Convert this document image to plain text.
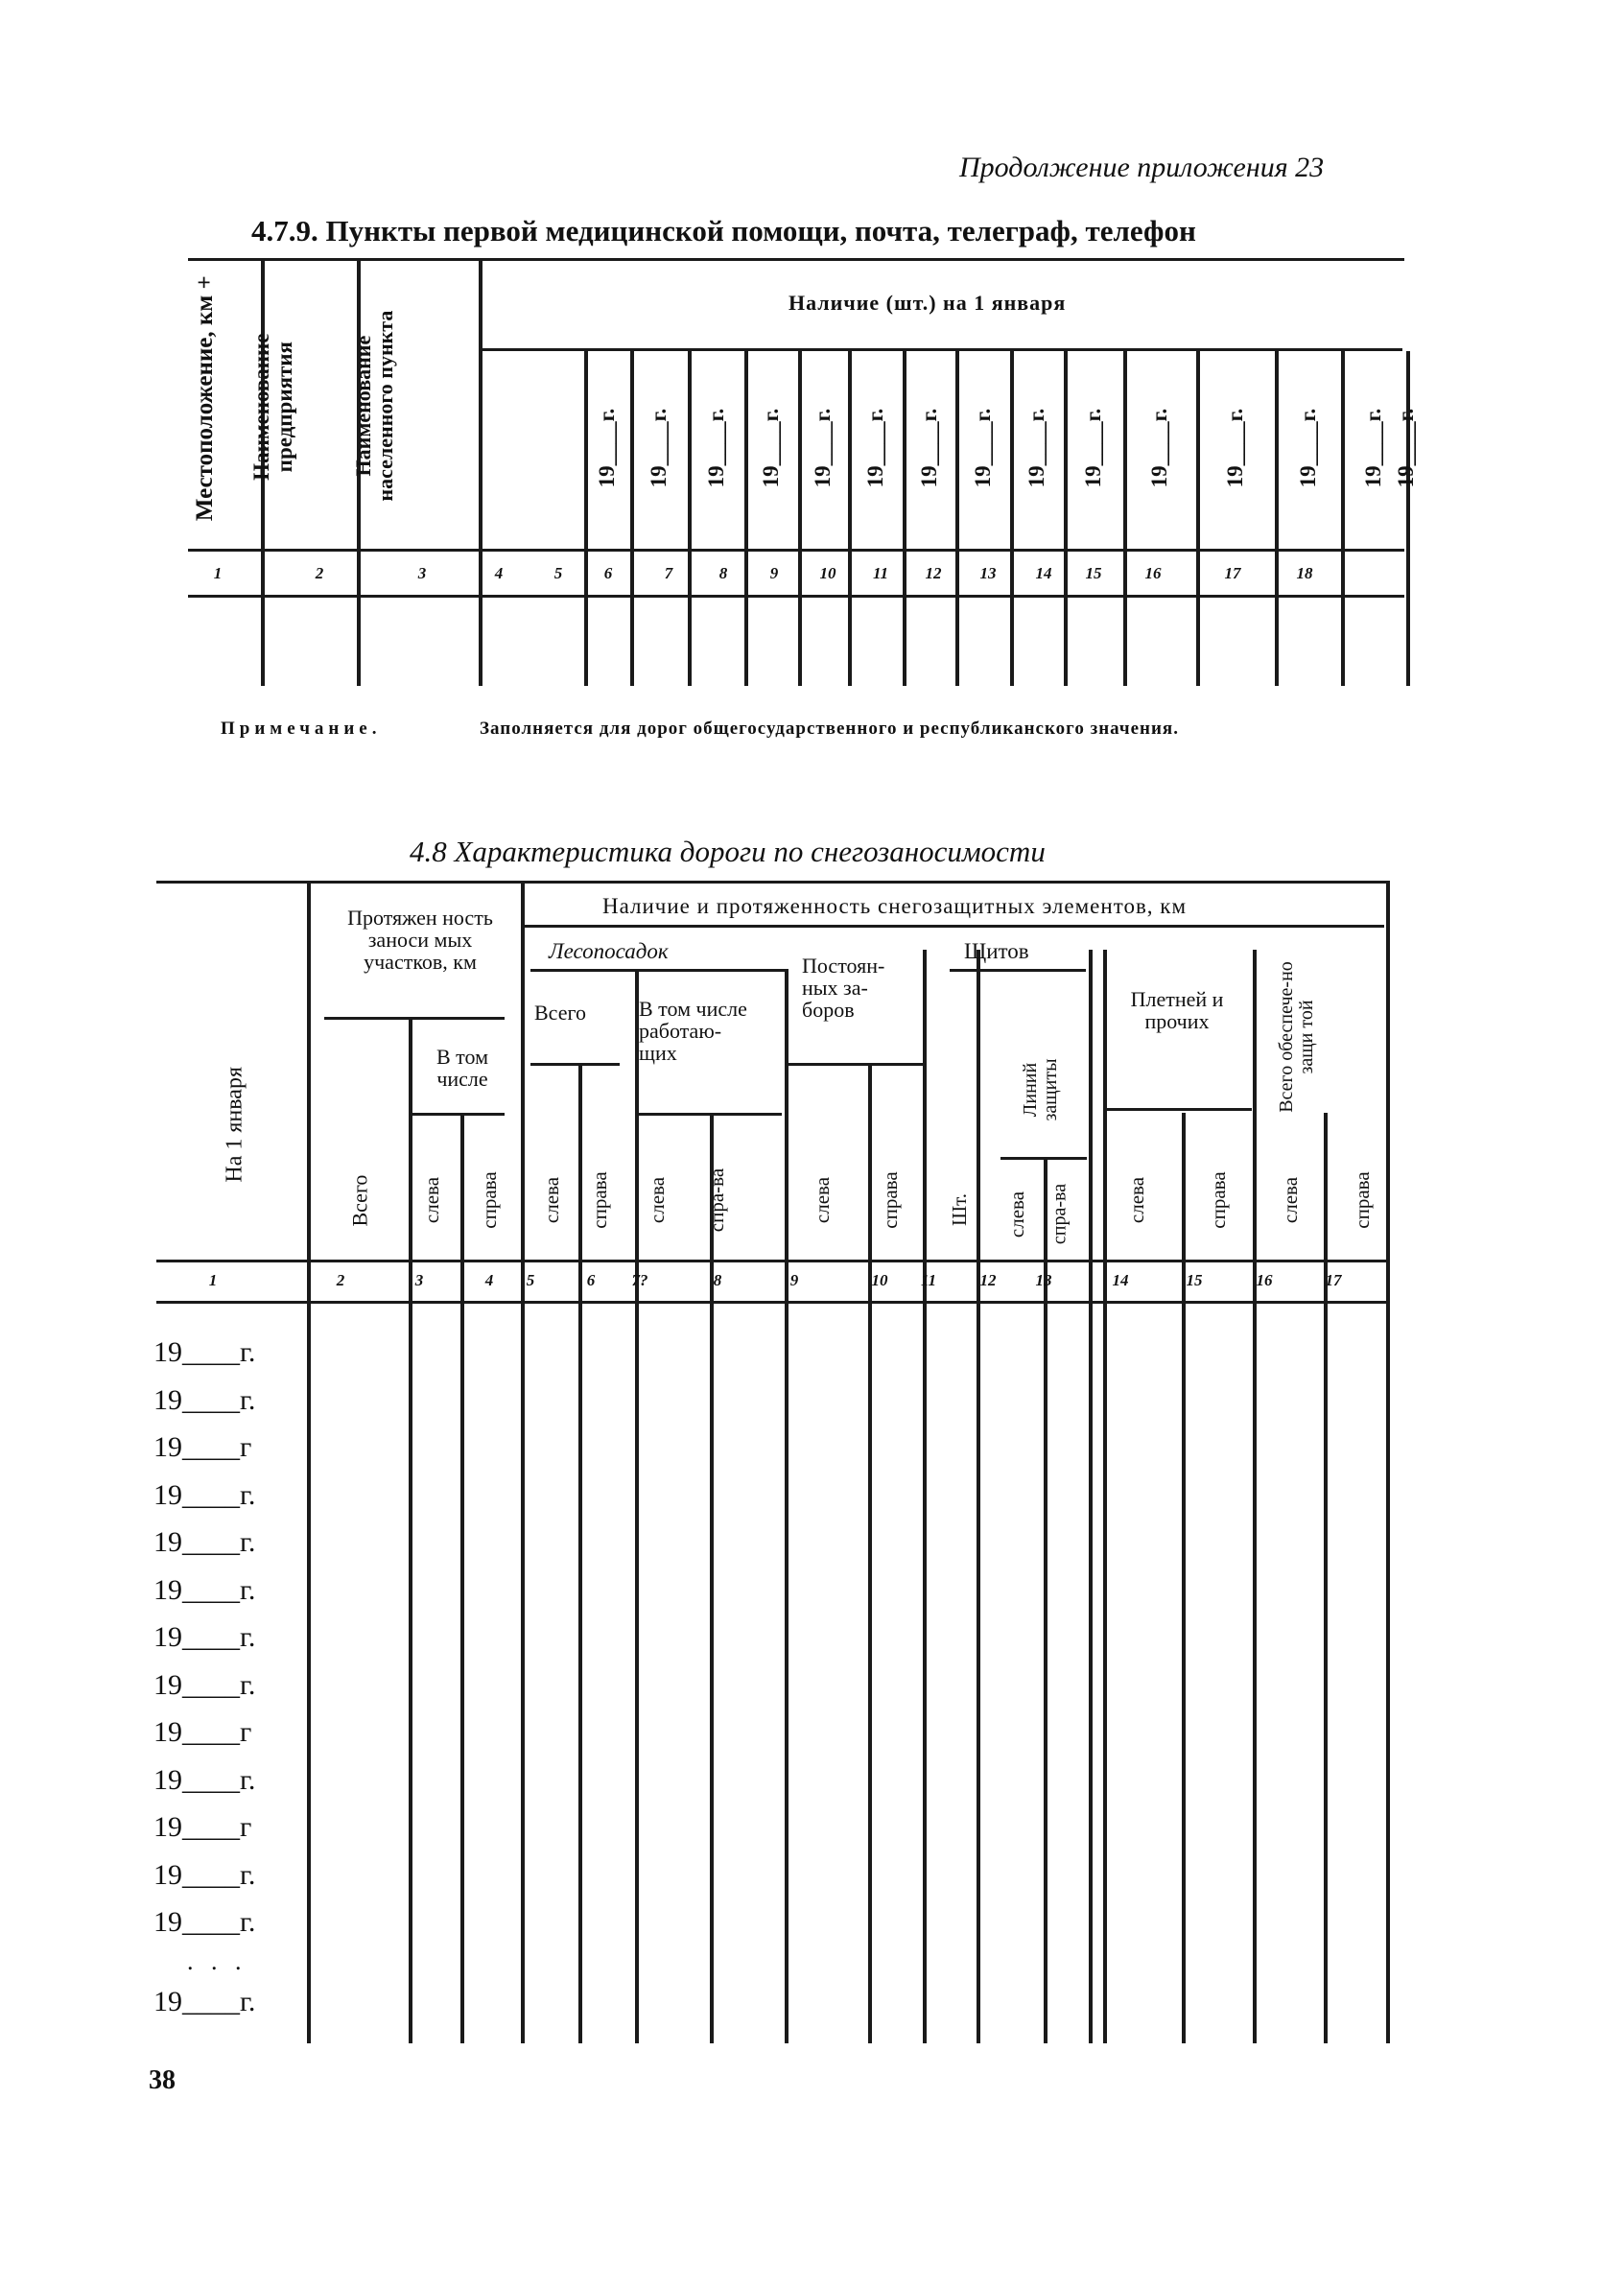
Продолжение приложения 23
4.7.9. Пункты первой медицинской помощи, почта, телеграф, телефон
Местоположение, км + Наименование предприятия	Наименование населенного пункта
Наличие (шт.) на 1 января
19____г. 19____г. 19____г. 19____г. 19____г. 19____г. 19____г. 19____г. 19____г. 19____г. 19____г. 19____г. 19____г. 19____г. 19____г.
1	2	3	4	5	6	7	8	9	10	11	12	13	14	15	16	17	18
Примечание.	Заполняется для дорог общегосударственного и республиканского значения.
4.8 Характеристика дороги по снегозаносимости
На 1 января
Протяжен ность заноси мых участков, км
Всего
В том числе
слева справа
Наличие и протяженность снегозащитных элементов, км
Лесопосадок
Всего	В том числе работаю-щих
слева справа слева спра-ва
Постоян-ных за-боров
слева справа
Щитов
Шт.
Линий защиты
слева спра-ва
Плетней и прочих
слева	справа
Всего обеспече-но защи той
слева справа
1	2	3	4	5	6	7?	8	9	10	11	12	13	14	15	16	17
19____г.
19____г.
19____г
19____г.
19____г.
19____г.
19____г.
19____г.
19____г
19____г.
19____г
19____г.
19____г.
. . .
19____г.
38
